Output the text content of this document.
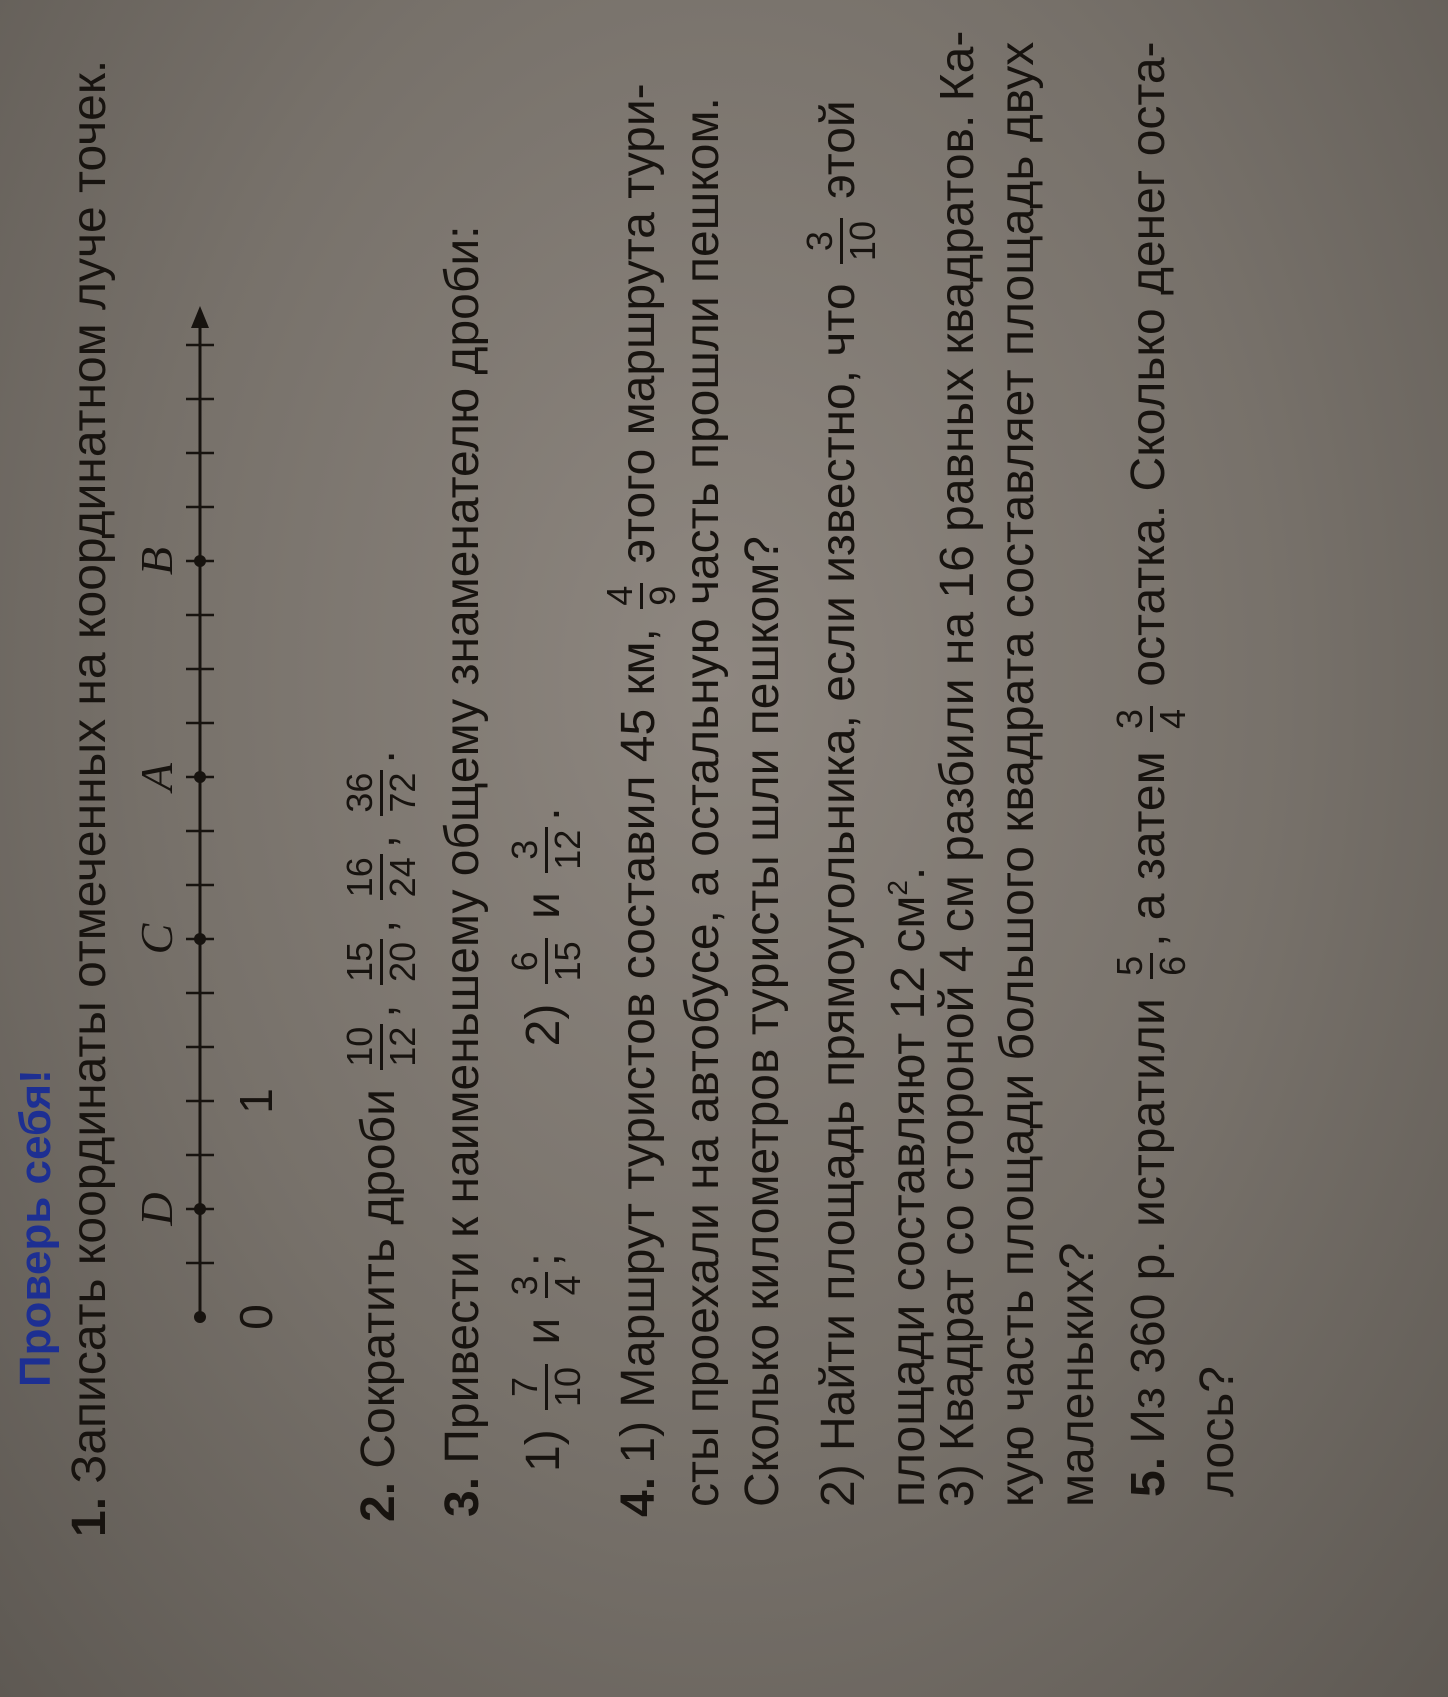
Проверь себя!
1. Записать координаты отмеченных на координатном луче точек. D
C
A
B
0
1
2. Сократить дроби
10 12
,
15 20
,
16 24
,
36 72
.
3. Привести к наименьшему общему знаменателю дроби: 1)
7 10
и
3 4
;  2)
6 15
и
3 12
.
4. 1) Маршрут туристов составил 45 км,
4 9
этого маршрута тури- сты проехали на автобусе, а остальную часть прошли пешком. Сколько километров туристы шли пешком? 2) Найти площадь прямоугольника, если известно, что
3 10
этой
площади составляют 12 $см^2$.
3) Квадрат со стороной 4 см разбили на 16 равных квадратов. Ка- кую часть площади большого квадрата составляет площадь двух маленьких? 5. Из 360 р. истратили
5 6
, а затем
3 4
остатка. Сколько денег оста-
лось?
